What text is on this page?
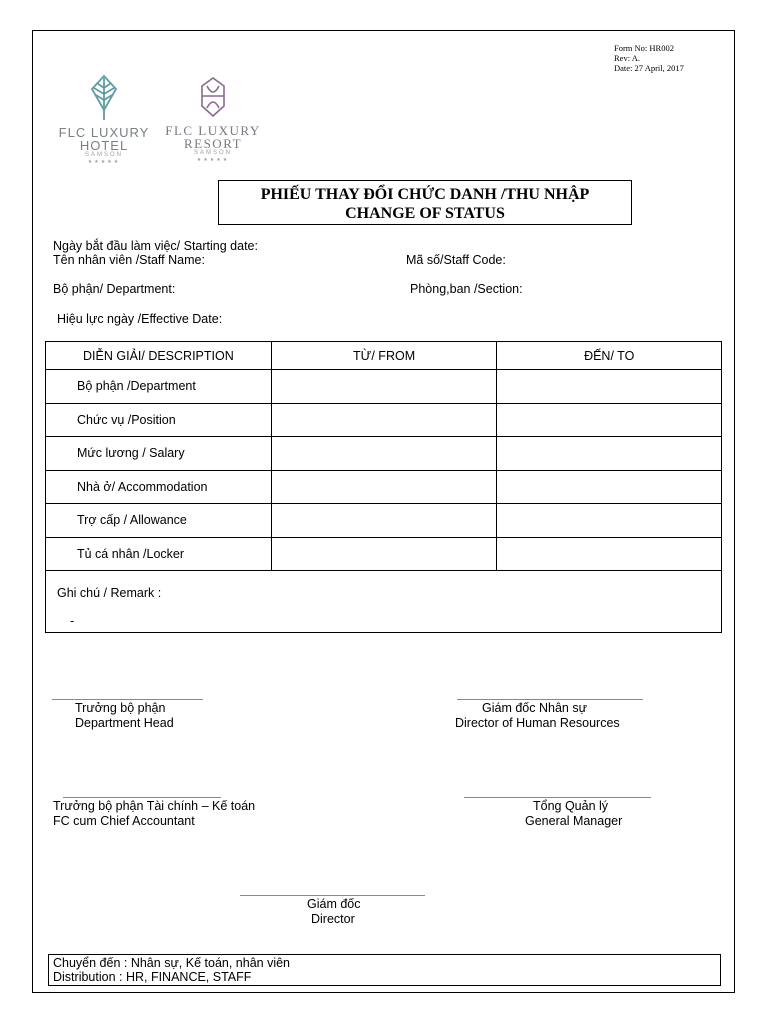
Form No: HR002
Rev: A.
Date: 27 April, 2017
FLC LUXURY
HOTEL
SAMSON
★★★★★
FLC LUXURY
RESORT
SAMSON
★★★★★
PHIẾU THAY ĐỔI CHỨC DANH /THU NHẬP
CHANGE OF STATUS
Ngày bắt đầu làm việc/ Starting date:
Tên nhân viên /Staff Name:	Mã số/Staff Code:
Bộ phận/ Department:	Phòng,ban /Section:
Hiệu lực ngày /Effective Date:
DIỄN GIẢI/ DESCRIPTION	TỪ/ FROM	ĐẾN/ TO
Bộ phận /Department		
Chức vụ /Position		
Mức lương / Salary		
Nhà ở/ Accommodation		
Trợ cấp / Allowance		
Tủ cá nhân /Locker		
Ghi chú / Remark :
-
Trưởng bộ phận
Department Head
Giám đốc Nhân sự
Director of Human Resources
Trưởng bộ phận Tài chính – Kế toán
FC cum Chief Accountant
Tổng Quản lý
General Manager
Giám đốc
Director
Chuyển đến : Nhân sự, Kế toán, nhân viên
Distribution : HR, FINANCE, STAFF
